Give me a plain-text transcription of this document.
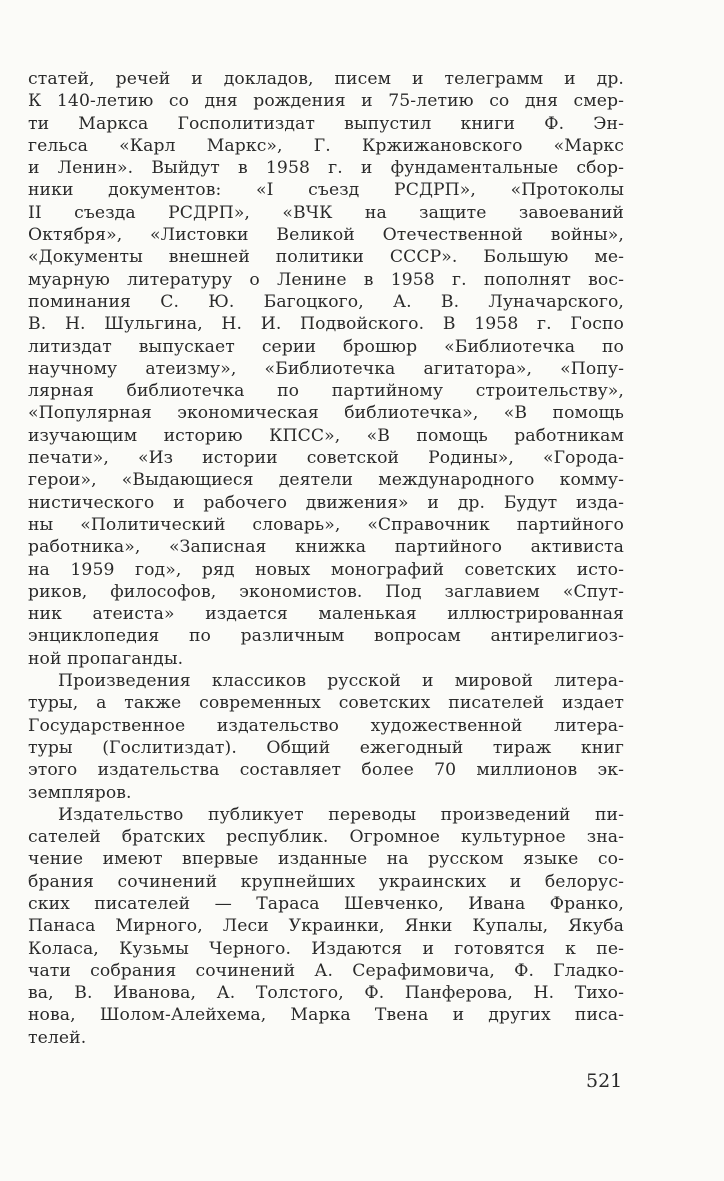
статей, речей и докладов, писем и телеграмм и др.
К 140-летию со дня рождения и 75-летию со дня смер-
ти Маркса Госполитиздат выпустил книги Ф. Эн-
гельса «Карл Маркс», Г. Кржижановского «Маркс
и Ленин». Выйдут в 1958 г. и фундаментальные сбор-
ники документов: «I съезд РСДРП», «Протоколы
II съезда РСДРП», «ВЧК на защите завоеваний
Октября», «Листовки Великой Отечественной войны»,
«Документы внешней политики СССР». Большую ме-
муарную литературу о Ленине в 1958 г. пополнят вос-
поминания С. Ю. Багоцкого, А. В. Луначарского,
В. Н. Шульгина, Н. И. Подвойского. В 1958 г. Госпо
литиздат выпускает серии брошюр «Библиотечка по
научному атеизму», «Библиотечка агитатора», «Попу-
лярная библиотечка по партийному строительству»,
«Популярная экономическая библиотечка», «В помощь
изучающим историю КПСС», «В помощь работникам
печати», «Из истории советской Родины», «Города-
герои», «Выдающиеся деятели международного комму-
нистического и рабочего движения» и др. Будут изда-
ны «Политический словарь», «Справочник партийного
работника», «Записная книжка партийного активиста
на 1959 год», ряд новых монографий советских исто-
риков, философов, экономистов. Под заглавием «Спут-
ник атеиста» издается маленькая иллюстрированная
энциклопедия по различным вопросам антирелигиоз-
ной пропаганды.
Произведения классиков русской и мировой литера-
туры, а также современных советских писателей издает
Государственное издательство художественной литера-
туры (Гослитиздат). Общий ежегодный тираж книг
этого издательства составляет более 70 миллионов эк-
земпляров.
Издательство публикует переводы произведений пи-
сателей братских республик. Огромное культурное зна-
чение имеют впервые изданные на русском языке со-
брания сочинений крупнейших украинских и белорус-
ских писателей — Тараса Шевченко, Ивана Франко,
Панаса Мирного, Леси Украинки, Янки Купалы, Якуба
Коласа, Кузьмы Черного. Издаются и готовятся к пе-
чати собрания сочинений А. Серафимовича, Ф. Гладко-
ва, В. Иванова, А. Толстого, Ф. Панферова, Н. Тихо-
нова, Шолом-Алейхема, Марка Твена и других писа-
телей.
521
